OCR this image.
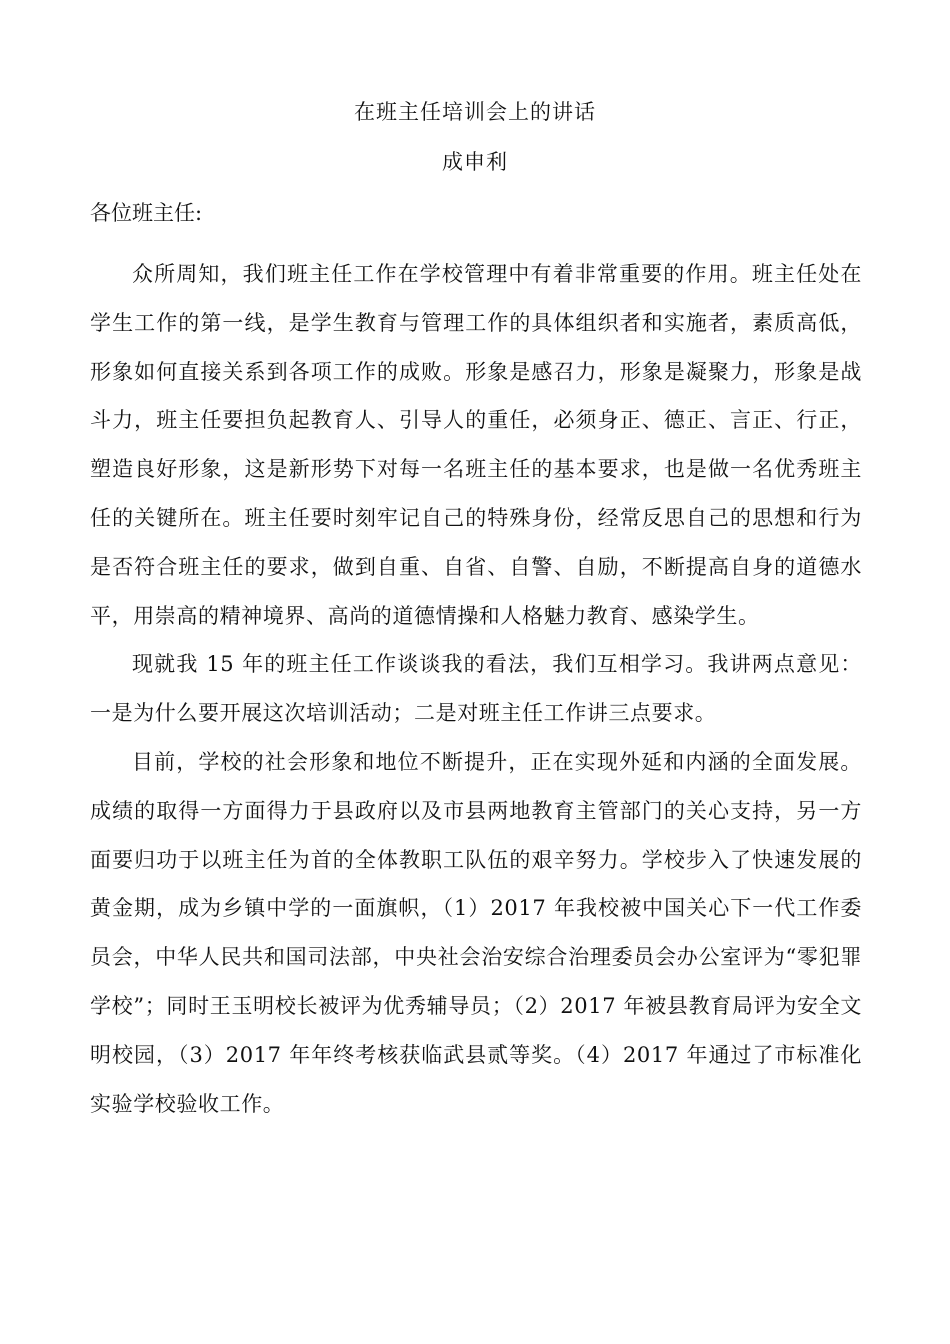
在班主任培训会上的讲话
成申利
各位班主任:

众所周知，我们班主任工作在学校管理中有着非常重要的作用。班主任处在学生工作的第一线，是学生教育与管理工作的具体组织者和实施者，素质高低，形象如何直接关系到各项工作的成败。形象是感召力，形象是凝聚力，形象是战斗力，班主任要担负起教育人、引导人的重任，必须身正、德正、言正、行正，塑造良好形象，这是新形势下对每一名班主任的基本要求，也是做一名优秀班主任的关键所在。班主任要时刻牢记自己的特殊身份，经常反思自己的思想和行为是否符合班主任的要求，做到自重、自省、自警、自励，不断提高自身的道德水平，用崇高的精神境界、高尚的道德情操和人格魅力教育、感染学生。

现就我 15 年的班主任工作谈谈我的看法，我们互相学习。我讲两点意见：一是为什么要开展这次培训活动；二是对班主任工作讲三点要求。

目前，学校的社会形象和地位不断提升，正在实现外延和内涵的全面发展。成绩的取得一方面得力于县政府以及市县两地教育主管部门的关心支持，另一方面要归功于以班主任为首的全体教职工队伍的艰辛努力。学校步入了快速发展的黄金期，成为乡镇中学的一面旗帜，（1）2017 年我校被中国关心下一代工作委员会，中华人民共和国司法部，中央社会治安综合治理委员会办公室评为“零犯罪学校”；同时王玉明校长被评为优秀辅导员；（2）2017 年被县教育局评为安全文明校园，（3）2017 年年终考核获临武县贰等奖。（4）2017 年通过了市标准化实验学校验收工作。
